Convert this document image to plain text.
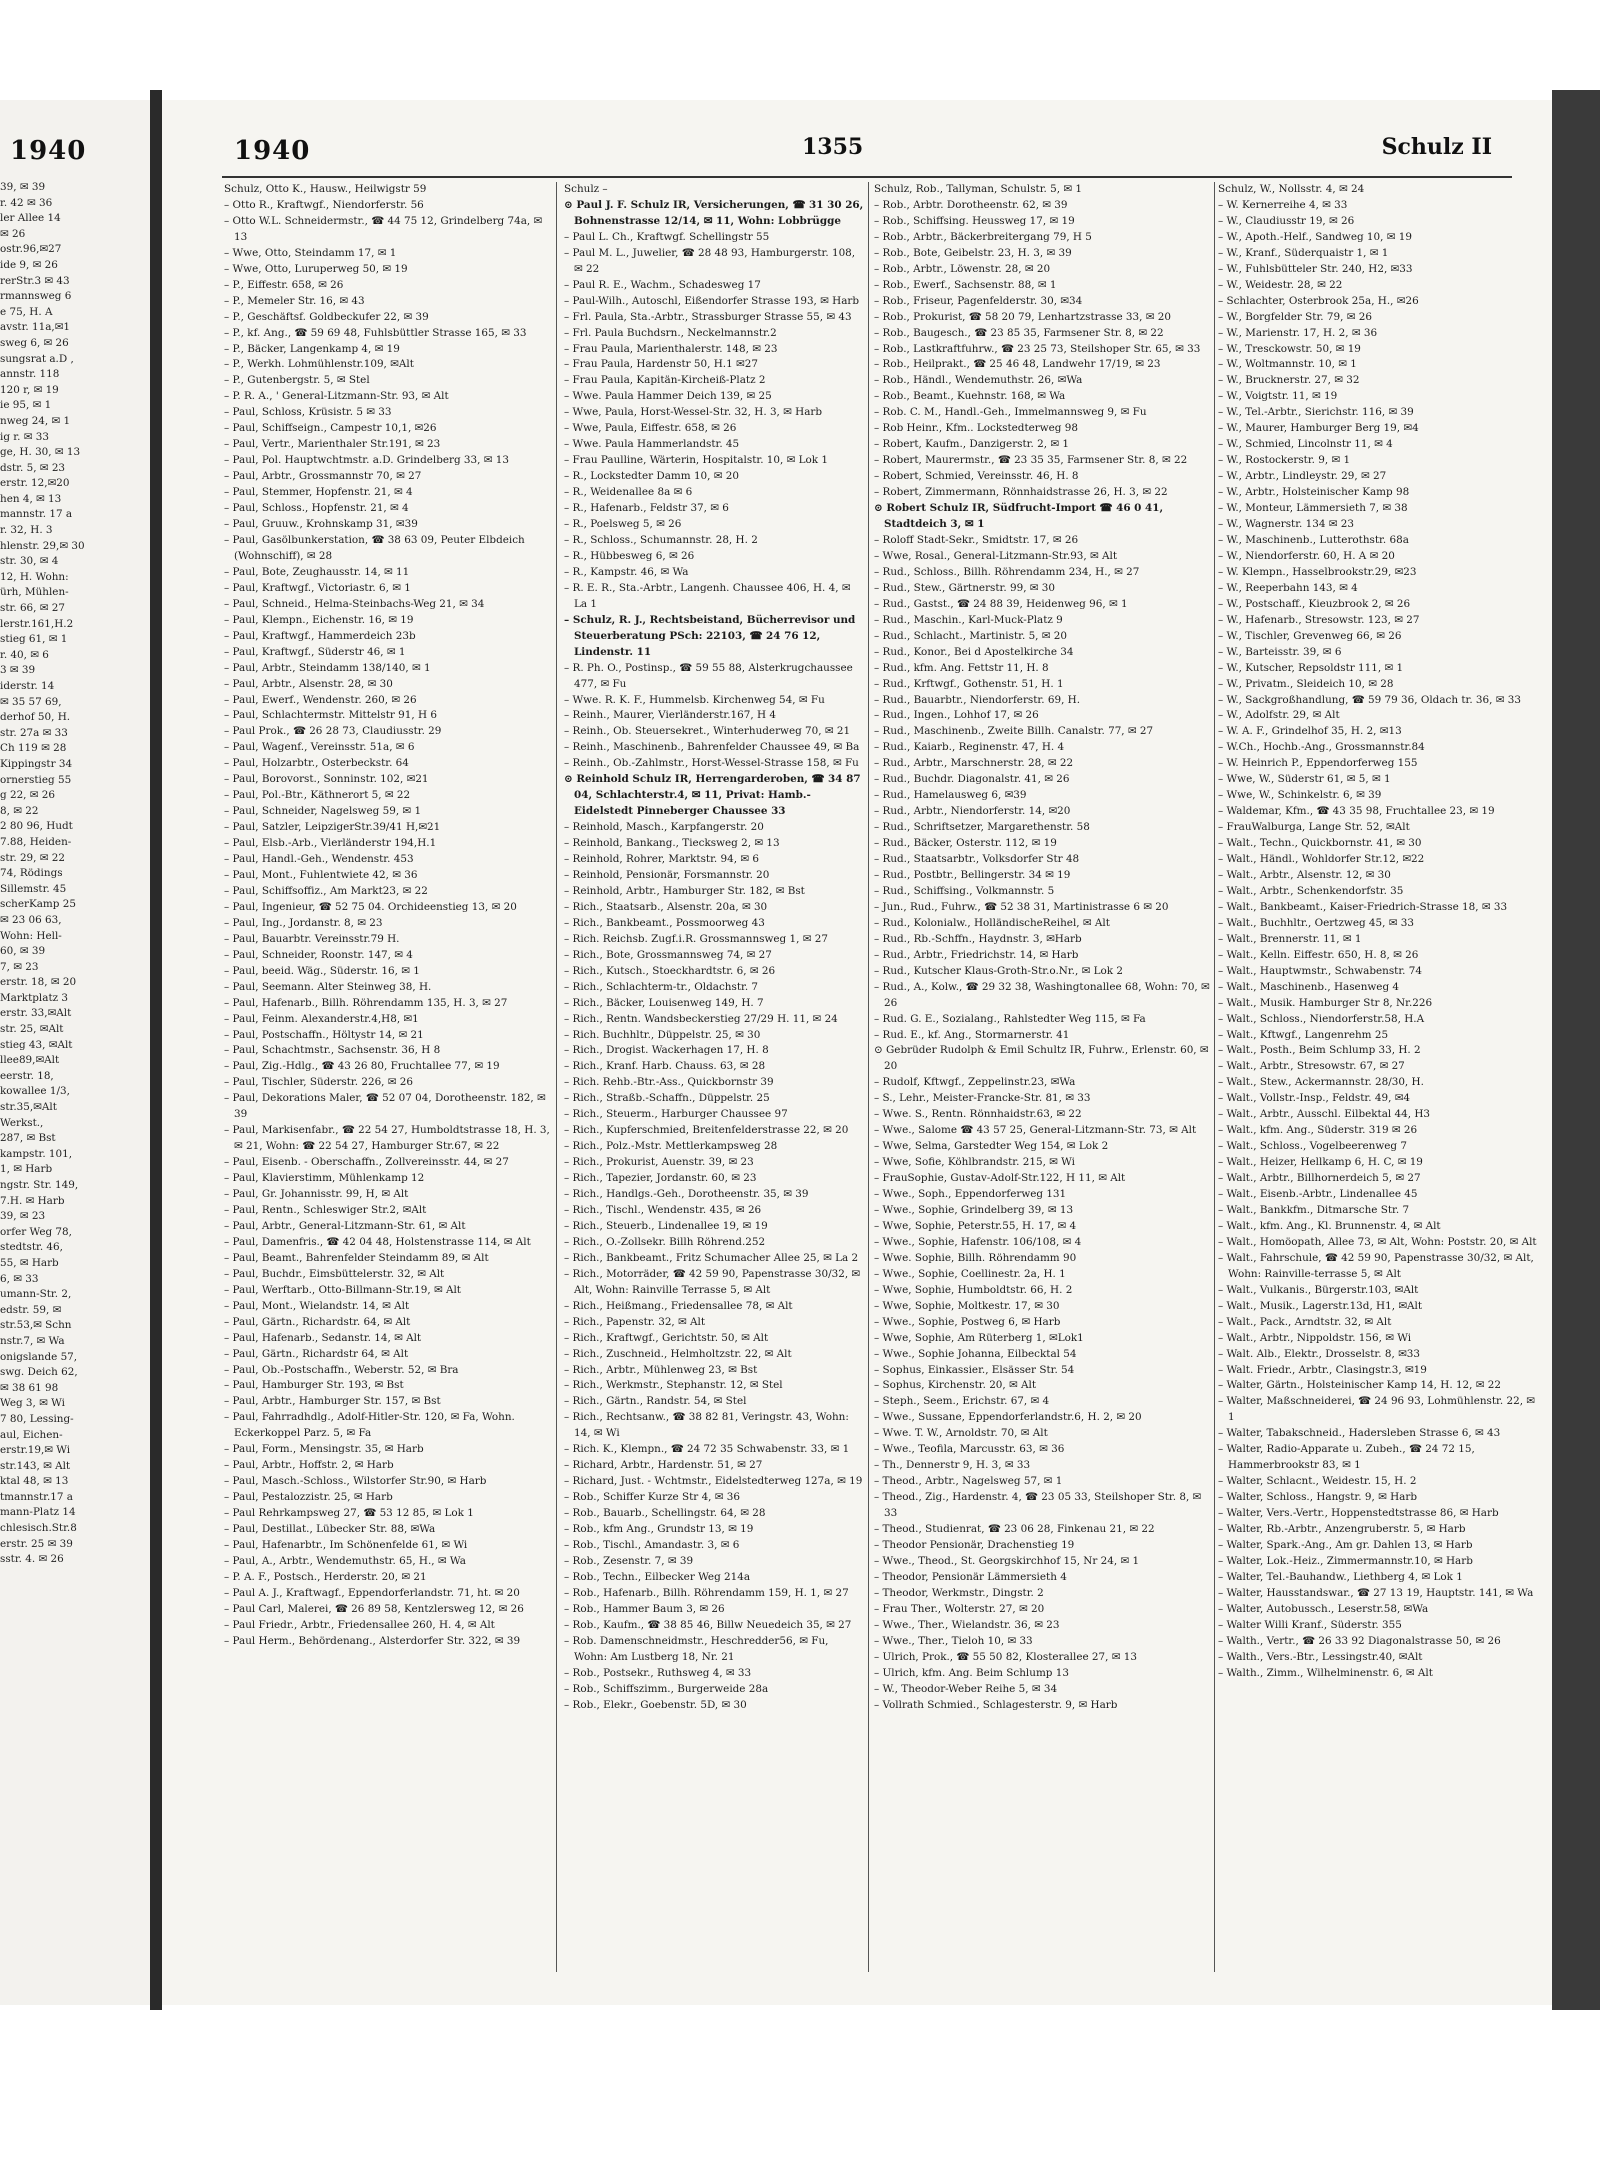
1940
39, ✉ 39
r. 42 ✉ 36
ler Allee 14
✉ 26
ostr.96,✉27
ide 9, ✉ 26
rerStr.3 ✉ 43
rmannsweg 6
e 75, H. A
avstr. 11a,✉1
sweg 6, ✉ 26
sungsrat a.D ,
annstr. 118
120 r, ✉ 19
ie 95, ✉ 1
nweg 24, ✉ 1
ig r. ✉ 33
ge, H. 30, ✉ 13
dstr. 5, ✉ 23
erstr. 12,✉20
hen 4, ✉ 13
mannstr. 17 a
r. 32, H. 3
hlenstr. 29,✉ 30
str. 30, ✉ 4
12, H. Wohn:
ürh, Mühlen-
str. 66, ✉ 27
lerstr.161,H.2
stieg 61, ✉ 1
r. 40, ✉ 6
3 ✉ 39
iderstr. 14
✉ 35 57 69,
derhof 50, H.
str. 27a ✉ 33
Ch 119 ✉ 28
Kippingstr 34
ornerstieg 55
g 22, ✉ 26
8, ✉ 22
2 80 96, Hudt
7.88, Heiden-
str. 29, ✉ 22
74, Rödings
Sillemstr. 45
scherKamp 25
✉ 23 06 63,
Wohn: Hell-
60, ✉ 39
7, ✉ 23
erstr. 18, ✉ 20
Marktplatz 3
erstr. 33,✉Alt
str. 25, ✉Alt
stieg 43, ✉Alt
llee89,✉Alt
eerstr. 18,
kowallee 1/3,
str.35,✉Alt
Werkst.,
287, ✉ Bst
kampstr. 101,
1, ✉ Harb
ngstr. Str. 149,
7.H. ✉ Harb
39, ✉ 23
orfer Weg 78,
stedtstr. 46,
55, ✉ Harb
6, ✉ 33
umann-Str. 2,
edstr. 59, ✉
str.53,✉ Schn
nstr.7, ✉ Wa
onigslande 57,
swg. Deich 62,
✉ 38 61 98
Weg 3, ✉ Wi
7 80, Lessing-
aul, Eichen-
erstr.19,✉ Wi
str.143, ✉ Alt
ktal 48, ✉ 13
tmannstr.17 a
mann-Platz 14
chlesisch.Str.8
erstr. 25 ✉ 39
sstr. 4. ✉ 26
1940	1355	Schulz II
Schulz, Otto K., Hausw., Heilwigstr 59
– Otto R., Kraftwgf., Niendorferstr. 56
– Otto W.L. Schneidermstr., ☎ 44 75 12, Grindelberg 74a, ✉ 13
– Wwe, Otto, Steindamm 17, ✉ 1
– Wwe, Otto, Luruperweg 50, ✉ 19
– P., Eiffestr. 658, ✉ 26
– P., Memeler Str. 16, ✉ 43
– P., Geschäftsf. Goldbeckufer 22, ✉ 39
– P., kf. Ang., ☎ 59 69 48, Fuhlsbüttler Strasse 165, ✉ 33
– P., Bäcker, Langenkamp 4, ✉ 19
– P., Werkh. Lohmühlenstr.109, ✉Alt
– P., Gutenbergstr. 5, ✉ Stel
– P. R. A., ' General-Litzmann-Str. 93, ✉ Alt
– Paul, Schloss, Krüsistr. 5 ✉ 33
– Paul, Schiffseign., Campestr 10,1, ✉26
– Paul, Vertr., Marienthaler Str.191, ✉ 23
– Paul, Pol. Hauptwchtmstr. a.D. Grindelberg 33, ✉ 13
– Paul, Arbtr., Grossmannstr 70, ✉ 27
– Paul, Stemmer, Hopfenstr. 21, ✉ 4
– Paul, Schloss., Hopfenstr. 21, ✉ 4
– Paul, Gruuw., Krohnskamp 31, ✉39
– Paul, Gasölbunkerstation, ☎ 38 63 09, Peuter Elbdeich (Wohnschiff), ✉ 28
– Paul, Bote, Zeughausstr. 14, ✉ 11
– Paul, Kraftwgf., Victoriastr. 6, ✉ 1
– Paul, Schneid., Helma-Steinbachs-Weg 21, ✉ 34
– Paul, Klempn., Eichenstr. 16, ✉ 19
– Paul, Kraftwgf., Hammerdeich 23b
– Paul, Kraftwgf., Süderstr 46, ✉ 1
– Paul, Arbtr., Steindamm 138/140, ✉ 1
– Paul, Arbtr., Alsenstr. 28, ✉ 30
– Paul, Ewerf., Wendenstr. 260, ✉ 26
– Paul, Schlachtermstr. Mittelstr 91, H 6
– Paul Prok., ☎ 26 28 73, Claudiusstr. 29
– Paul, Wagenf., Vereinsstr. 51a, ✉ 6
– Paul, Holzarbtr., Osterbeckstr. 64
– Paul, Borovorst., Sonninstr. 102, ✉21
– Paul, Pol.-Btr., Käthnerort 5, ✉ 22
– Paul, Schneider, Nagelsweg 59, ✉ 1
– Paul, Satzler, LeipzigerStr.39/41 H,✉21
– Paul, Elsb.-Arb., Vierländerstr 194,H.1
– Paul, Handl.-Geh., Wendenstr. 453
– Paul, Mont., Fuhlentwiete 42, ✉ 36
– Paul, Schiffsoffiz., Am Markt23, ✉ 22
– Paul, Ingenieur, ☎ 52 75 04. Orchideenstieg 13, ✉ 20
– Paul, Ing., Jordanstr. 8, ✉ 23
– Paul, Bauarbtr. Vereinsstr.79 H.
– Paul, Schneider, Roonstr. 147, ✉ 4
– Paul, beeid. Wäg., Süderstr. 16, ✉ 1
– Paul, Seemann. Alter Steinweg 38, H.
– Paul, Hafenarb., Billh. Röhrendamm 135, H. 3, ✉ 27
– Paul, Feinm. Alexanderstr.4,H8, ✉1
– Paul, Postschaffn., Höltystr 14, ✉ 21
– Paul, Schachtmstr., Sachsenstr. 36, H 8
– Paul, Zig.-Hdlg., ☎ 43 26 80, Fruchtallee 77, ✉ 19
– Paul, Tischler, Süderstr. 226, ✉ 26
– Paul, Dekorations Maler, ☎ 52 07 04, Dorotheenstr. 182, ✉ 39
– Paul, Markisenfabr., ☎ 22 54 27, Humboldtstrasse 18, H. 3, ✉ 21, Wohn: ☎ 22 54 27, Hamburger Str.67, ✉ 22
– Paul, Eisenb. - Oberschaffn., Zollvereinsstr. 44, ✉ 27
– Paul, Klavierstimm, Mühlenkamp 12
– Paul, Gr. Johannisstr. 99, H, ✉ Alt
– Paul, Rentn., Schleswiger Str.2, ✉Alt
– Paul, Arbtr., General-Litzmann-Str. 61, ✉ Alt
– Paul, Damenfris., ☎ 42 04 48, Holstenstrasse 114, ✉ Alt
– Paul, Beamt., Bahrenfelder Steindamm 89, ✉ Alt
– Paul, Buchdr., Eimsbüttelerstr. 32, ✉ Alt
– Paul, Werftarb., Otto-Billmann-Str.19, ✉ Alt
– Paul, Mont., Wielandstr. 14, ✉ Alt
– Paul, Gärtn., Richardstr. 64, ✉ Alt
– Paul, Hafenarb., Sedanstr. 14, ✉ Alt
– Paul, Gärtn., Richardstr 64, ✉ Alt
– Paul, Ob.-Postschaffn., Weberstr. 52, ✉ Bra
– Paul, Hamburger Str. 193, ✉ Bst
– Paul, Arbtr., Hamburger Str. 157, ✉ Bst
– Paul, Fahrradhdlg., Adolf-Hitler-Str. 120, ✉ Fa, Wohn. Eckerkoppel Parz. 5, ✉ Fa
– Paul, Form., Mensingstr. 35, ✉ Harb
– Paul, Arbtr., Hoffstr. 2, ✉ Harb
– Paul, Masch.-Schloss., Wilstorfer Str.90, ✉ Harb
– Paul, Pestalozzistr. 25, ✉ Harb
– Paul Rehrkampsweg 27, ☎ 53 12 85, ✉ Lok 1
– Paul, Destillat., Lübecker Str. 88, ✉Wa
– Paul, Hafenarbtr., Im Schönenfelde 61, ✉ Wi
– Paul, A., Arbtr., Wendemuthstr. 65, H., ✉ Wa
– P. A. F., Postsch., Herderstr. 20, ✉ 21
– Paul A. J., Kraftwagf., Eppendorferlandstr. 71, ht. ✉ 20
– Paul Carl, Malerei, ☎ 26 89 58, Kentzlersweg 12, ✉ 26
– Paul Friedr., Arbtr., Friedensallee 260, H. 4, ✉ Alt
– Paul Herm., Behördenang., Alsterdorfer Str. 322, ✉ 39
Schulz –
⊙ Paul J. F. Schulz IR, Versicherungen, ☎ 31 30 26, Bohnenstrasse 12/14, ✉ 11, Wohn: Lobbrügge
– Paul L. Ch., Kraftwgf. Schellingstr 55
– Paul M. L., Juwelier, ☎ 28 48 93, Hamburgerstr. 108, ✉ 22
– Paul R. E., Wachm., Schadesweg 17
– Paul-Wilh., Autoschl, Eißendorfer Strasse 193, ✉ Harb
– Frl. Paula, Sta.-Arbtr., Strassburger Strasse 55, ✉ 43
– Frl. Paula Buchdsrn., Neckelmannstr.2
– Frau Paula, Marienthalerstr. 148, ✉ 23
– Frau Paula, Hardenstr 50, H.1 ✉27
– Frau Paula, Kapitän-Kircheiß-Platz 2
– Wwe. Paula Hammer Deich 139, ✉ 25
– Wwe, Paula, Horst-Wessel-Str. 32, H. 3, ✉ Harb
– Wwe, Paula, Eiffestr. 658, ✉ 26
– Wwe. Paula Hammerlandstr. 45
– Frau Paulline, Wärterin, Hospitalstr. 10, ✉ Lok 1
– R., Lockstedter Damm 10, ✉ 20
– R., Weidenallee 8a ✉ 6
– R., Hafenarb., Feldstr 37, ✉ 6
– R., Poelsweg 5, ✉ 26
– R., Schloss., Schumannstr. 28, H. 2
– R., Hübbesweg 6, ✉ 26
– R., Kampstr. 46, ✉ Wa
– R. E. R., Sta.-Arbtr., Langenh. Chaussee 406, H. 4, ✉ La 1
– Schulz, R. J., Rechtsbeistand, Bücherrevisor und Steuerberatung PSch: 22103, ☎ 24 76 12, Lindenstr. 11
– R. Ph. O., Postinsp., ☎ 59 55 88, Alsterkrugchaussee 477, ✉ Fu
– Wwe. R. K. F., Hummelsb. Kirchenweg 54, ✉ Fu
– Reinh., Maurer, Vierländerstr.167, H 4
– Reinh., Ob. Steuersekret., Winterhuderweg 70, ✉ 21
– Reinh., Maschinenb., Bahrenfelder Chaussee 49, ✉ Ba
– Reinh., Ob.-Zahlmstr., Horst-Wessel-Strasse 158, ✉ Fu
⊙ Reinhold Schulz IR, Herrengarderoben, ☎ 34 87 04, Schlachterstr.4, ✉ 11, Privat: Hamb.-Eidelstedt Pinneberger Chaussee 33
– Reinhold, Masch., Karpfangerstr. 20
– Reinhold, Bankang., Tiecksweg 2, ✉ 13
– Reinhold, Rohrer, Marktstr. 94, ✉ 6
– Reinhold, Pensionär, Forsmannstr. 20
– Reinhold, Arbtr., Hamburger Str. 182, ✉ Bst
– Rich., Staatsarb., Alsenstr. 20a, ✉ 30
– Rich., Bankbeamt., Possmoorweg 43
– Rich. Reichsb. Zugf.i.R. Grossmannsweg 1, ✉ 27
– Rich., Bote, Grossmannsweg 74, ✉ 27
– Rich., Kutsch., Stoeckhardtstr. 6, ✉ 26
– Rich., Schlachterm-tr., Oldachstr. 7
– Rich., Bäcker, Louisenweg 149, H. 7
– Rich., Rentn. Wandsbeckerstieg 27/29 H. 11, ✉ 24
– Rich. Buchhltr., Düppelstr. 25, ✉ 30
– Rich., Drogist. Wackerhagen 17, H. 8
– Rich., Kranf. Harb. Chauss. 63, ✉ 28
– Rich. Rehb.-Btr.-Ass., Quickbornstr 39
– Rich., Straßb.-Schaffn., Düppelstr. 25
– Rich., Steuerm., Harburger Chaussee 97
– Rich., Kupferschmied, Breitenfelderstrasse 22, ✉ 20
– Rich., Polz.-Mstr. Mettlerkampsweg 28
– Rich., Prokurist, Auenstr. 39, ✉ 23
– Rich., Tapezier, Jordanstr. 60, ✉ 23
– Rich., Handlgs.-Geh., Dorotheenstr. 35, ✉ 39
– Rich., Tischl., Wendenstr. 435, ✉ 26
– Rich., Steuerb., Lindenallee 19, ✉ 19
– Rich., O.-Zollsekr. Billh Röhrend.252
– Rich., Bankbeamt., Fritz Schumacher Allee 25, ✉ La 2
– Rich., Motorräder, ☎ 42 59 90, Papenstrasse 30/32, ✉ Alt, Wohn: Rainville Terrasse 5, ✉ Alt
– Rich., Heißmang., Friedensallee 78, ✉ Alt
– Rich., Papenstr. 32, ✉ Alt
– Rich., Kraftwgf., Gerichtstr. 50, ✉ Alt
– Rich., Zuschneid., Helmholtzstr. 22, ✉ Alt
– Rich., Arbtr., Mühlenweg 23, ✉ Bst
– Rich., Werkmstr., Stephanstr. 12, ✉ Stel
– Rich., Gärtn., Randstr. 54, ✉ Stel
– Rich., Rechtsanw., ☎ 38 82 81, Veringstr. 43, Wohn: 14, ✉ Wi
– Rich. K., Klempn., ☎ 24 72 35 Schwabenstr. 33, ✉ 1
– Richard, Arbtr., Hardenstr. 51, ✉ 27
– Richard, Just. - Wchtmstr., Eidelstedterweg 127a, ✉ 19
– Rob., Schiffer Kurze Str 4, ✉ 36
– Rob., Bauarb., Schellingstr. 64, ✉ 28
– Rob., kfm Ang., Grundstr 13, ✉ 19
– Rob., Tischl., Amandastr. 3, ✉ 6
– Rob., Zesenstr. 7, ✉ 39
– Rob., Techn., Eilbecker Weg 214a
– Rob., Hafenarb., Billh. Röhrendamm 159, H. 1, ✉ 27
– Rob., Hammer Baum 3, ✉ 26
– Rob., Kaufm., ☎ 38 85 46, Billw Neuedeich 35, ✉ 27
– Rob. Damenschneidmstr., Heschredder56, ✉ Fu, Wohn: Am Lustberg 18, Nr. 21
– Rob., Postsekr., Ruthsweg 4, ✉ 33
– Rob., Schiffszimm., Burgerweide 28a
– Rob., Elekr., Goebenstr. 5D, ✉ 30
Schulz, Rob., Tallyman, Schulstr. 5, ✉ 1
– Rob., Arbtr. Dorotheenstr. 62, ✉ 39
– Rob., Schiffsing. Heussweg 17, ✉ 19
– Rob., Arbtr., Bäckerbreitergang 79, H 5
– Rob., Bote, Geibelstr. 23, H. 3, ✉ 39
– Rob., Arbtr., Löwenstr. 28, ✉ 20
– Rob., Ewerf., Sachsenstr. 88, ✉ 1
– Rob., Friseur, Pagenfelderstr. 30, ✉34
– Rob., Prokurist, ☎ 58 20 79, Lenhartzstrasse 33, ✉ 20
– Rob., Baugesch., ☎ 23 85 35, Farmsener Str. 8, ✉ 22
– Rob., Lastkraftfuhrw., ☎ 23 25 73, Steilshoper Str. 65, ✉ 33
– Rob., Heilprakt., ☎ 25 46 48, Landwehr 17/19, ✉ 23
– Rob., Händl., Wendemuthstr. 26, ✉Wa
– Rob., Beamt., Kuehnstr. 168, ✉ Wa
– Rob. C. M., Handl.-Geh., Immelmannsweg 9, ✉ Fu
– Rob Heinr., Kfm.. Lockstedterweg 98
– Robert, Kaufm., Danzigerstr. 2, ✉ 1
– Robert, Maurermstr., ☎ 23 35 35, Farmsener Str. 8, ✉ 22
– Robert, Schmied, Vereinsstr. 46, H. 8
– Robert, Zimmermann, Rönnhaidstrasse 26, H. 3, ✉ 22
⊙ Robert Schulz IR, Südfrucht-Import ☎ 46 0 41, Stadtdeich 3, ✉ 1
– Roloff Stadt-Sekr., Smidtstr. 17, ✉ 26
– Wwe, Rosal., General-Litzmann-Str.93, ✉ Alt
– Rud., Schloss., Billh. Röhrendamm 234, H., ✉ 27
– Rud., Stew., Gärtnerstr. 99, ✉ 30
– Rud., Gastst., ☎ 24 88 39, Heidenweg 96, ✉ 1
– Rud., Maschin., Karl-Muck-Platz 9
– Rud., Schlacht., Martinistr. 5, ✉ 20
– Rud., Konor., Bei d Apostelkirche 34
– Rud., kfm. Ang. Fettstr 11, H. 8
– Rud., Krftwgf., Gothenstr. 51, H. 1
– Rud., Bauarbtr., Niendorferstr. 69, H.
– Rud., Ingen., Lohhof 17, ✉ 26
– Rud., Maschinenb., Zweite Billh. Canalstr. 77, ✉ 27
– Rud., Kaiarb., Reginenstr. 47, H. 4
– Rud., Arbtr., Marschnerstr. 28, ✉ 22
– Rud., Buchdr. Diagonalstr. 41, ✉ 26
– Rud., Hamelausweg 6, ✉39
– Rud., Arbtr., Niendorferstr. 14, ✉20
– Rud., Schriftsetzer, Margarethenstr. 58
– Rud., Bäcker, Osterstr. 112, ✉ 19
– Rud., Staatsarbtr., Volksdorfer Str 48
– Rud., Postbtr., Bellingerstr. 34 ✉ 19
– Rud., Schiffsing., Volkmannstr. 5
– Jun., Rud., Fuhrw., ☎ 52 38 31, Martinistrasse 6 ✉ 20
– Rud., Kolonialw., HolländischeReihel, ✉ Alt
– Rud., Rb.-Schffn., Haydnstr. 3, ✉Harb
– Rud., Arbtr., Friedrichstr. 14, ✉ Harb
– Rud., Kutscher Klaus-Groth-Str.o.Nr., ✉ Lok 2
– Rud., A., Kolw., ☎ 29 32 38, Washingtonallee 68, Wohn: 70, ✉ 26
– Rud. G. E., Sozialang., Rahlstedter Weg 115, ✉ Fa
– Rud. E., kf. Ang., Stormarnerstr. 41
⊙ Gebrüder Rudolph & Emil Schultz IR, Fuhrw., Erlenstr. 60, ✉ 20
– Rudolf, Kftwgf., Zeppelinstr.23, ✉Wa
– S., Lehr., Meister-Francke-Str. 81, ✉ 33
– Wwe. S., Rentn. Rönnhaidstr.63, ✉ 22
– Wwe., Salome ☎ 43 57 25, General-Litzmann-Str. 73, ✉ Alt
– Wwe, Selma, Garstedter Weg 154, ✉ Lok 2
– Wwe, Sofie, Köhlbrandstr. 215, ✉ Wi
– FrauSophie, Gustav-Adolf-Str.122, H 11, ✉ Alt
– Wwe., Soph., Eppendorferweg 131
– Wwe., Sophie, Grindelberg 39, ✉ 13
– Wwe, Sophie, Peterstr.55, H. 17, ✉ 4
– Wwe., Sophie, Hafenstr. 106/108, ✉ 4
– Wwe. Sophie, Billh. Röhrendamm 90
– Wwe., Sophie, Coellinestr. 2a, H. 1
– Wwe, Sophie, Humboldtstr. 66, H. 2
– Wwe, Sophie, Moltkestr. 17, ✉ 30
– Wwe., Sophie, Postweg 6, ✉ Harb
– Wwe, Sophie, Am Rüterberg 1, ✉Lok1
– Wwe., Sophie Johanna, Eilbecktal 54
– Sophus, Einkassier., Elsässer Str. 54
– Sophus, Kirchenstr. 20, ✉ Alt
– Steph., Seem., Erichstr. 67, ✉ 4
– Wwe., Sussane, Eppendorferlandstr.6, H. 2, ✉ 20
– Wwe. T. W., Arnoldstr. 70, ✉ Alt
– Wwe., Teofila, Marcusstr. 63, ✉ 36
– Th., Dennerstr 9, H. 3, ✉ 33
– Theod., Arbtr., Nagelsweg 57, ✉ 1
– Theod., Zig., Hardenstr. 4, ☎ 23 05 33, Steilshoper Str. 8, ✉ 33
– Theod., Studienrat, ☎ 23 06 28, Finkenau 21, ✉ 22
– Theodor Pensionär, Drachenstieg 19
– Wwe., Theod., St. Georgskirchhof 15, Nr 24, ✉ 1
– Theodor, Pensionär Lämmersieth 4
– Theodor, Werkmstr., Dingstr. 2
– Frau Ther., Wolterstr. 27, ✉ 20
– Wwe., Ther., Wielandstr. 36, ✉ 23
– Wwe., Ther., Tieloh 10, ✉ 33
– Ulrich, Prok., ☎ 55 50 82, Klosterallee 27, ✉ 13
– Ulrich, kfm. Ang. Beim Schlump 13
– W., Theodor-Weber Reihe 5, ✉ 34
– Vollrath Schmied., Schlagesterstr. 9, ✉ Harb
Schulz, W., Nollsstr. 4, ✉ 24
– W. Kernerreihe 4, ✉ 33
– W., Claudiusstr 19, ✉ 26
– W., Apoth.-Helf., Sandweg 10, ✉ 19
– W., Kranf., Süderquaistr 1, ✉ 1
– W., Fuhlsbütteler Str. 240, H2, ✉33
– W., Weidestr. 28, ✉ 22
– Schlachter, Osterbrook 25a, H., ✉26
– W., Borgfelder Str. 79, ✉ 26
– W., Marienstr. 17, H. 2, ✉ 36
– W., Tresckowstr. 50, ✉ 19
– W., Woltmannstr. 10, ✉ 1
– W., Brucknerstr. 27, ✉ 32
– W., Voigtstr. 11, ✉ 19
– W., Tel.-Arbtr., Sierichstr. 116, ✉ 39
– W., Maurer, Hamburger Berg 19, ✉4
– W., Schmied, Lincolnstr 11, ✉ 4
– W., Rostockerstr. 9, ✉ 1
– W., Arbtr., Lindleystr. 29, ✉ 27
– W., Arbtr., Holsteinischer Kamp 98
– W., Monteur, Lämmersieth 7, ✉ 38
– W., Wagnerstr. 134 ✉ 23
– W., Maschinenb., Lutterothstr. 68a
– W., Niendorferstr. 60, H. A ✉ 20
– W. Klempn., Hasselbrookstr.29, ✉23
– W., Reeperbahn 143, ✉ 4
– W., Postschaff., Kieuzbrook 2, ✉ 26
– W., Hafenarb., Stresowstr. 123, ✉ 27
– W., Tischler, Grevenweg 66, ✉ 26
– W., Barteisstr. 39, ✉ 6
– W., Kutscher, Repsoldstr 111, ✉ 1
– W., Privatm., Sleideich 10, ✉ 28
– W., Sackgroßhandlung, ☎ 59 79 36, Oldach tr. 36, ✉ 33
– W., Adolfstr. 29, ✉ Alt
– W. A. F., Grindelhof 35, H. 2, ✉13
– W.Ch., Hochb.-Ang., Grossmannstr.84
– W. Heinrich P., Eppendorferweg 155
– Wwe, W., Süderstr 61, ✉ 5, ✉ 1
– Wwe, W., Schinkelstr. 6, ✉ 39
– Waldemar, Kfm., ☎ 43 35 98, Fruchtallee 23, ✉ 19
– FrauWalburga, Lange Str. 52, ✉Alt
– Walt., Techn., Quickbornstr. 41, ✉ 30
– Walt., Händl., Wohldorfer Str.12, ✉22
– Walt., Arbtr., Alsenstr. 12, ✉ 30
– Walt., Arbtr., Schenkendorfstr. 35
– Walt., Bankbeamt., Kaiser-Friedrich-Strasse 18, ✉ 33
– Walt., Buchhltr., Oertzweg 45, ✉ 33
– Walt., Brennerstr. 11, ✉ 1
– Walt., Kelln. Eiffestr. 650, H. 8, ✉ 26
– Walt., Hauptwmstr., Schwabenstr. 74
– Walt., Maschinenb., Hasenweg 4
– Walt., Musik. Hamburger Str 8, Nr.226
– Walt., Schloss., Niendorferstr.58, H.A
– Walt., Kftwgf., Langenrehm 25
– Walt., Posth., Beim Schlump 33, H. 2
– Walt., Arbtr., Stresowstr. 67, ✉ 27
– Walt., Stew., Ackermannstr. 28/30, H.
– Walt., Vollstr.-Insp., Feldstr. 49, ✉4
– Walt., Arbtr., Ausschl. Eilbektal 44, H3
– Walt., kfm. Ang., Süderstr. 319 ✉ 26
– Walt., Schloss., Vogelbeerenweg 7
– Walt., Heizer, Hellkamp 6, H. C, ✉ 19
– Walt., Arbtr., Billhornerdeich 5, ✉ 27
– Walt., Eisenb.-Arbtr., Lindenallee 45
– Walt., Bankkfm., Ditmarsche Str. 7
– Walt., kfm. Ang., Kl. Brunnenstr. 4, ✉ Alt
– Walt., Homöopath, Allee 73, ✉ Alt, Wohn: Poststr. 20, ✉ Alt
– Walt., Fahrschule, ☎ 42 59 90, Papenstrasse 30/32, ✉ Alt, Wohn: Rainville-terrasse 5, ✉ Alt
– Walt., Vulkanis., Bürgerstr.103, ✉Alt
– Walt., Musik., Lagerstr.13d, H1, ✉Alt
– Walt., Pack., Arndtstr. 32, ✉ Alt
– Walt., Arbtr., Nippoldstr. 156, ✉ Wi
– Walt. Alb., Elektr., Drosselstr. 8, ✉33
– Walt. Friedr., Arbtr., Clasingstr.3, ✉19
– Walter, Gärtn., Holsteinischer Kamp 14, H. 12, ✉ 22
– Walter, Maßschneiderei, ☎ 24 96 93, Lohmühlenstr. 22, ✉ 1
– Walter, Tabakschneid., Hadersleben Strasse 6, ✉ 43
– Walter, Radio-Apparate u. Zubeh., ☎ 24 72 15, Hammerbrookstr 83, ✉ 1
– Walter, Schlacnt., Weidestr. 15, H. 2
– Walter, Schloss., Hangstr. 9, ✉ Harb
– Walter, Vers.-Vertr., Hoppenstedtstrasse 86, ✉ Harb
– Walter, Rb.-Arbtr., Anzengruberstr. 5, ✉ Harb
– Walter, Spark.-Ang., Am gr. Dahlen 13, ✉ Harb
– Walter, Lok.-Heiz., Zimmermannstr.10, ✉ Harb
– Walter, Tel.-Bauhandw., Liethberg 4, ✉ Lok 1
– Walter, Hausstandswar., ☎ 27 13 19, Hauptstr. 141, ✉ Wa
– Walter, Autobussch., Leserstr.58, ✉Wa
– Walter Willi Kranf., Süderstr. 355
– Walth., Vertr., ☎ 26 33 92 Diagonalstrasse 50, ✉ 26
– Walth., Vers.-Btr., Lessingstr.40, ✉Alt
– Walth., Zimm., Wilhelminenstr. 6, ✉ Alt
